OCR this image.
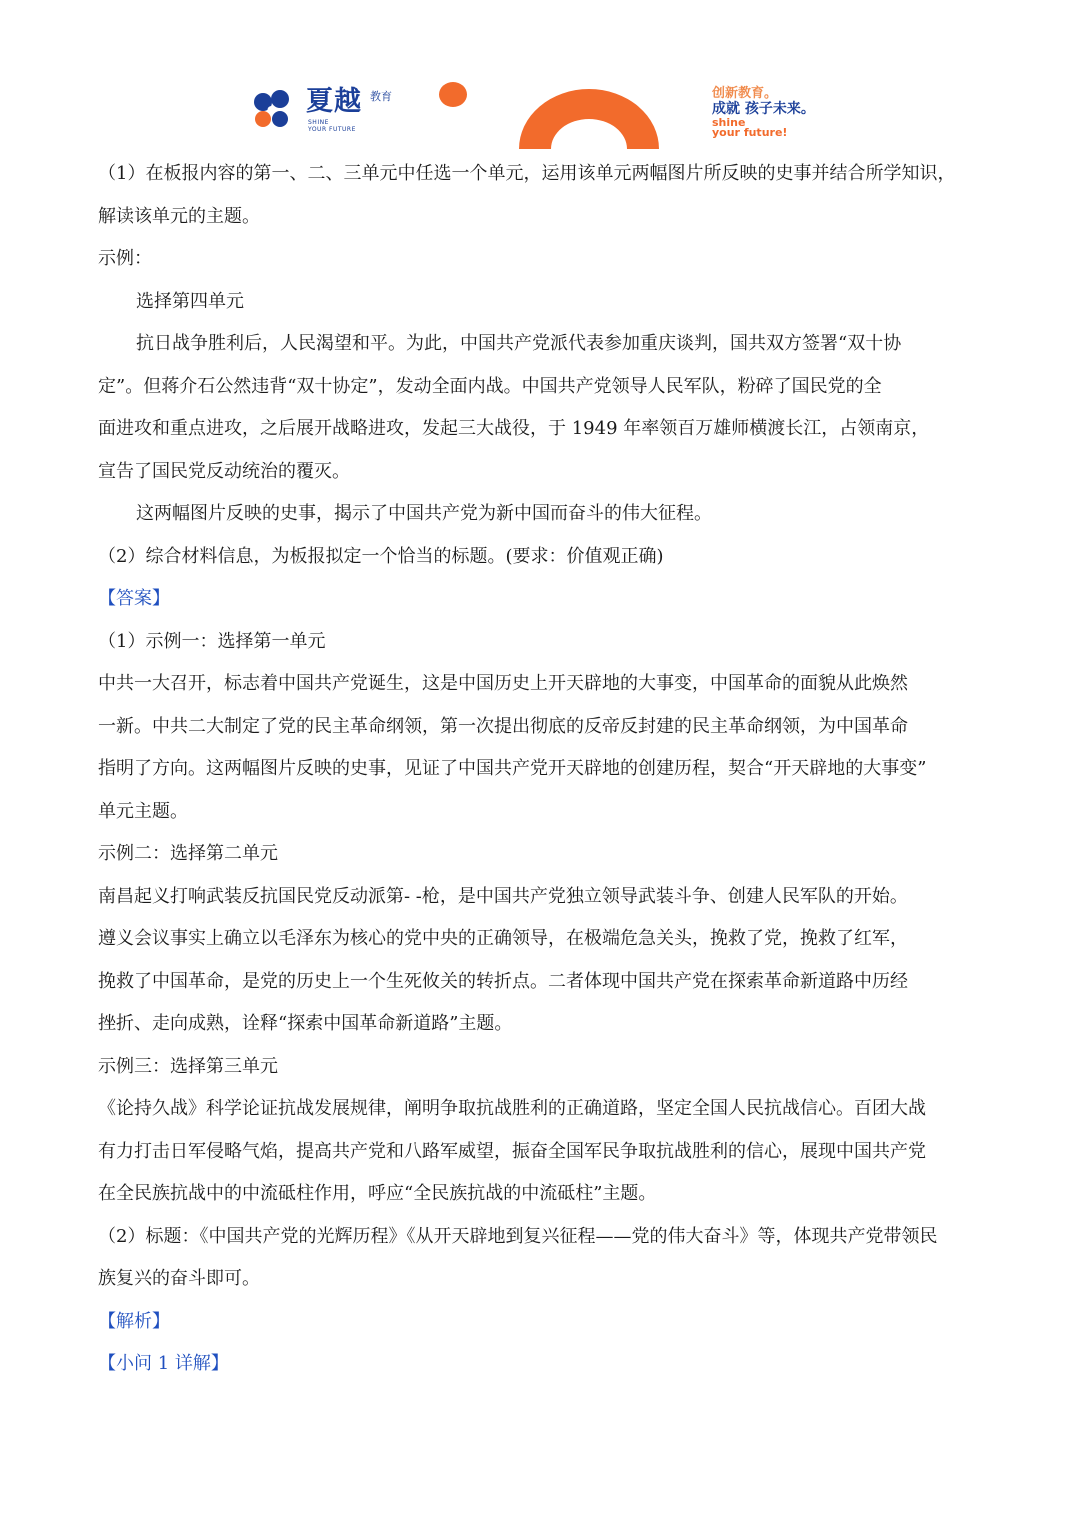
夏越 教育
SHINE
YOUR FUTURE
创新教育。
成就 孩子未来。
shine
your future!

（1）在板报内容的第一、二、三单元中任选一个单元，运用该单元两幅图片所反映的史事并结合所学知识，

解读该单元的主题。

示例：

选择第四单元

抗日战争胜利后，人民渴望和平。为此，中国共产党派代表参加重庆谈判，国共双方签署“双十协

定”。但蒋介石公然违背“双十协定”，发动全面内战。中国共产党领导人民军队，粉碎了国民党的全

面进攻和重点进攻，之后展开战略进攻，发起三大战役，于 1949 年率领百万雄师横渡长江，占领南京，

宣告了国民党反动统治的覆灭。

这两幅图片反映的史事，揭示了中国共产党为新中国而奋斗的伟大征程。

（2）综合材料信息，为板报拟定一个恰当的标题。(要求：价值观正确)

【答案】

（1）示例一：选择第一单元

中共一大召开，标志着中国共产党诞生，这是中国历史上开天辟地的大事变，中国革命的面貌从此焕然

一新。中共二大制定了党的民主革命纲领，第一次提出彻底的反帝反封建的民主革命纲领，为中国革命

指明了方向。这两幅图片反映的史事，见证了中国共产党开天辟地的创建历程，契合“开天辟地的大事变”

单元主题。

示例二：选择第二单元

南昌起义打响武装反抗国民党反动派第- -枪，是中国共产党独立领导武装斗争、创建人民军队的开始。

遵义会议事实上确立以毛泽东为核心的党中央的正确领导，在极端危急关头，挽救了党，挽救了红军，

挽救了中国革命，是党的历史上一个生死攸关的转折点。二者体现中国共产党在探索革命新道路中历经

挫折、走向成熟，诠释“探索中国革命新道路”主题。

示例三：选择第三单元

《论持久战》科学论证抗战发展规律，阐明争取抗战胜利的正确道路，坚定全国人民抗战信心。百团大战

有力打击日军侵略气焰，提高共产党和八路军威望，振奋全国军民争取抗战胜利的信心，展现中国共产党

在全民族抗战中的中流砥柱作用，呼应“全民族抗战的中流砥柱”主题。

（2）标题：《中国共产党的光辉历程》《从开天辟地到复兴征程——党的伟大奋斗》等，体现共产党带领民

族复兴的奋斗即可。

【解析】

【小问 1 详解】
